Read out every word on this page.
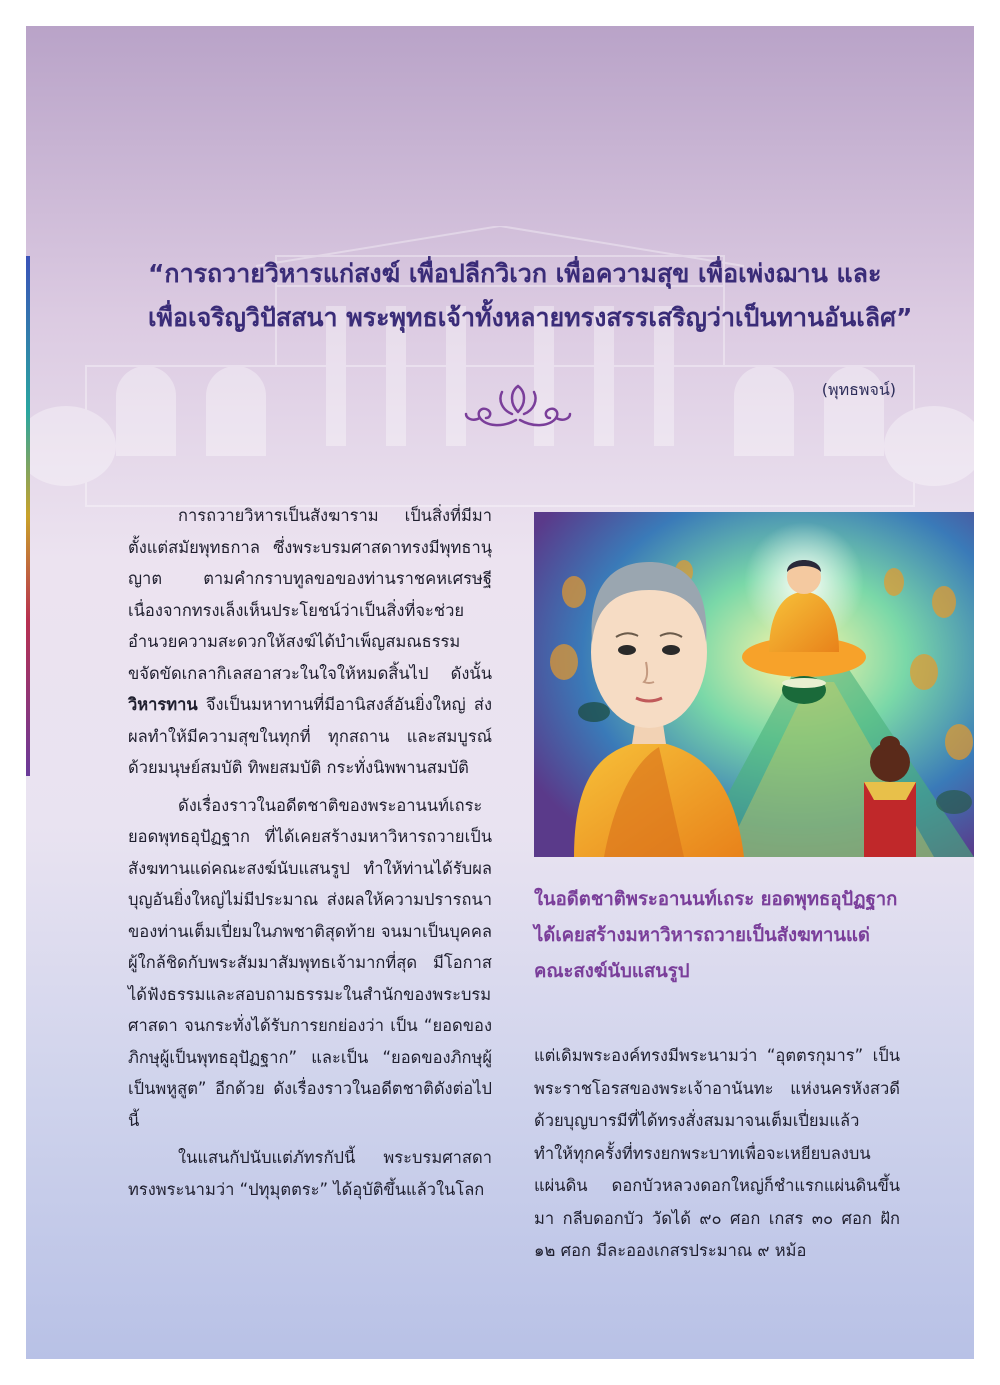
“การถวายวิหารแก่สงฆ์ เพื่อปลีกวิเวก เพื่อความสุข เพื่อเพ่งฌาน และ
เพื่อเจริญวิปัสสนา พระพุทธเจ้าทั้งหลายทรงสรรเสริญว่าเป็นทานอันเลิศ”
(พุทธพจน์)

การถวายวิหารเป็นสังฆาราม เป็นสิ่งที่มีมาตั้งแต่สมัยพุทธกาล ซึ่งพระบรมศาสดาทรงมีพุทธานุญาต ตามคำกราบทูลขอของท่านราชคหเศรษฐี เนื่องจากทรงเล็งเห็นประโยชน์ว่าเป็นสิ่งที่จะช่วยอำนวยความสะดวกให้สงฆ์ได้บำเพ็ญสมณธรรม ขจัดขัดเกลากิเลสอาสวะในใจให้หมดสิ้นไป ดังนั้น วิหารทาน จึงเป็นมหาทานที่มีอานิสงส์อันยิ่งใหญ่ ส่งผลทำให้มีความสุขในทุกที่ ทุกสถาน และสมบูรณ์ด้วยมนุษย์สมบัติ ทิพยสมบัติ กระทั่งนิพพานสมบัติ

ดังเรื่องราวในอดีตชาติของพระอานนท์เถระ ยอดพุทธอุปัฏฐาก ที่ได้เคยสร้างมหาวิหารถวายเป็นสังฆทานแด่คณะสงฆ์นับแสนรูป ทำให้ท่านได้รับผลบุญอันยิ่งใหญ่ไม่มีประมาณ ส่งผลให้ความปรารถนาของท่านเต็มเปี่ยมในภพชาติสุดท้าย จนมาเป็นบุคคลผู้ใกล้ชิดกับพระสัมมาสัมพุทธเจ้ามากที่สุด มีโอกาสได้ฟังธรรมและสอบถามธรรมะในสำนักของพระบรมศาสดา จนกระทั่งได้รับการยกย่องว่า เป็น “ยอดของภิกษุผู้เป็นพุทธอุปัฏฐาก” และเป็น “ยอดของภิกษุผู้เป็นพหูสูต” อีกด้วย ดังเรื่องราวในอดีตชาติดังต่อไปนี้

ในแสนกัปนับแต่ภัทรกัปนี้ พระบรมศาสดาทรงพระนามว่า “ปทุมุตตระ” ได้อุบัติขึ้นแล้วในโลก

ในอดีตชาติพระอานนท์เถระ ยอดพุทธอุปัฏฐาก ได้เคยสร้างมหาวิหารถวายเป็นสังฆทานแด่คณะสงฆ์นับแสนรูป

แต่เดิมพระองค์ทรงมีพระนามว่า “อุตตรกุมาร” เป็นพระราชโอรสของพระเจ้าอานันทะ แห่งนครหังสวดี ด้วยบุญบารมีที่ได้ทรงสั่งสมมาจนเต็มเปี่ยมแล้ว ทำให้ทุกครั้งที่ทรงยกพระบาทเพื่อจะเหยียบลงบนแผ่นดิน ดอกบัวหลวงดอกใหญ่ก็ชำแรกแผ่นดินขึ้นมา กลีบดอกบัว วัดได้ ๙๐ ศอก เกสร ๓๐ ศอก ฝัก ๑๒ ศอก มีละอองเกสรประมาณ ๙ หม้อ
